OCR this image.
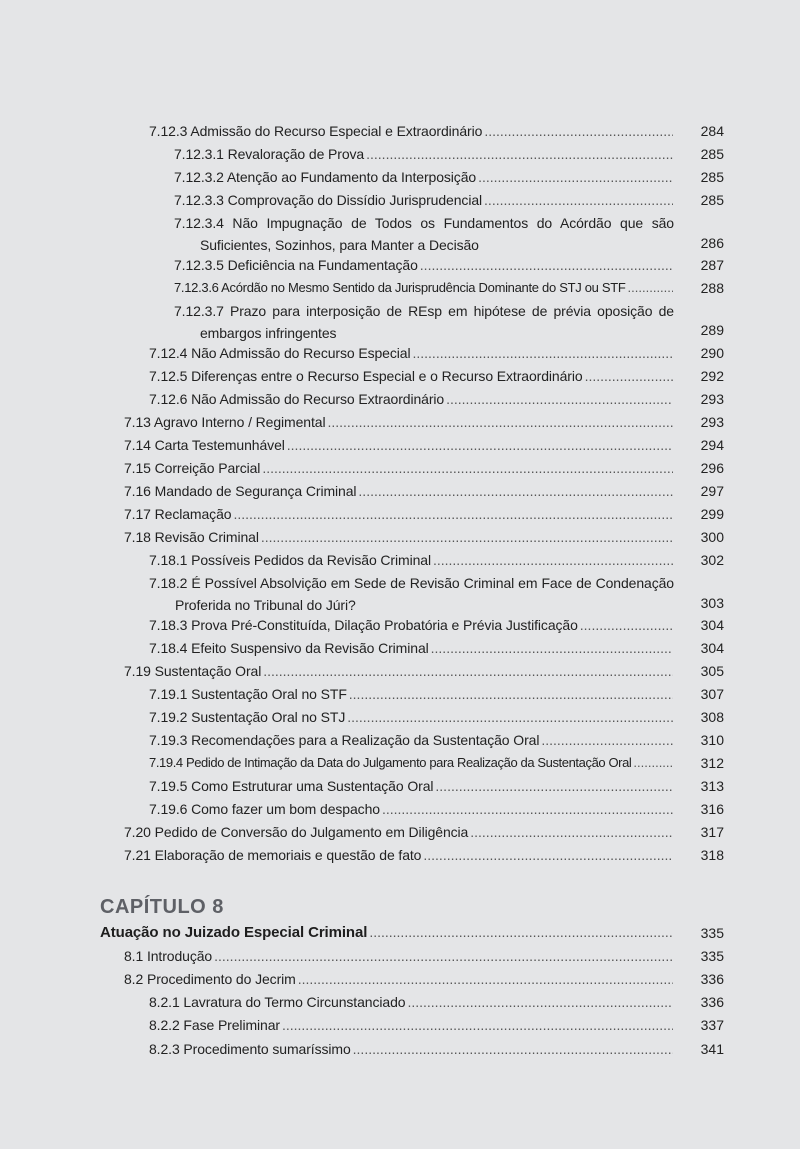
7.12.3 Admissão do Recurso Especial e Extraordinário .....	284
7.12.3.1 Revaloração de Prova .....	285
7.12.3.2 Atenção ao Fundamento da Interposição .....	285
7.12.3.3 Comprovação do Dissídio Jurisprudencial .....	285
7.12.3.4 Não Impugnação de Todos os Fundamentos do Acórdão que são
Suficientes, Sozinhos, para Manter a Decisão	286
7.12.3.5 Deficiência na Fundamentação .....	287
7.12.3.6 Acórdão no Mesmo Sentido da Jurisprudência Dominante do STJ ou STF .....	288
7.12.3.7 Prazo para interposição de REsp em hipótese de prévia oposição de
embargos infringentes	289
7.12.4 Não Admissão do Recurso Especial .....	290
7.12.5 Diferenças entre o Recurso Especial e o Recurso Extraordinário .....	292
7.12.6 Não Admissão do Recurso Extraordinário .....	293
7.13 Agravo Interno / Regimental .....	293
7.14 Carta Testemunhável .....	294
7.15 Correição Parcial .....	296
7.16 Mandado de Segurança Criminal .....	297
7.17 Reclamação .....	299
7.18 Revisão Criminal .....	300
7.18.1 Possíveis Pedidos da Revisão Criminal .....	302
7.18.2 É Possível Absolvição em Sede de Revisão Criminal em Face de Condenação
Proferida no Tribunal do Júri?	303
7.18.3 Prova Pré-Constituída, Dilação Probatória e Prévia Justificação .....	304
7.18.4 Efeito Suspensivo da Revisão Criminal .....	304
7.19 Sustentação Oral .....	305
7.19.1 Sustentação Oral no STF .....	307
7.19.2 Sustentação Oral no STJ .....	308
7.19.3 Recomendações para a Realização da Sustentação Oral .....	310
7.19.4 Pedido de Intimação da Data do Julgamento para Realização da Sustentação Oral .....	312
7.19.5 Como Estruturar uma Sustentação Oral .....	313
7.19.6 Como fazer um bom despacho .....	316
7.20 Pedido de Conversão do Julgamento em Diligência .....	317
7.21 Elaboração de memoriais e questão de fato .....	318
CAPÍTULO 8
Atuação no Juizado Especial Criminal .....	335
8.1 Introdução .....	335
8.2 Procedimento do Jecrim .....	336
8.2.1 Lavratura do Termo Circunstanciado .....	336
8.2.2 Fase Preliminar .....	337
8.2.3 Procedimento sumaríssimo .....	341
